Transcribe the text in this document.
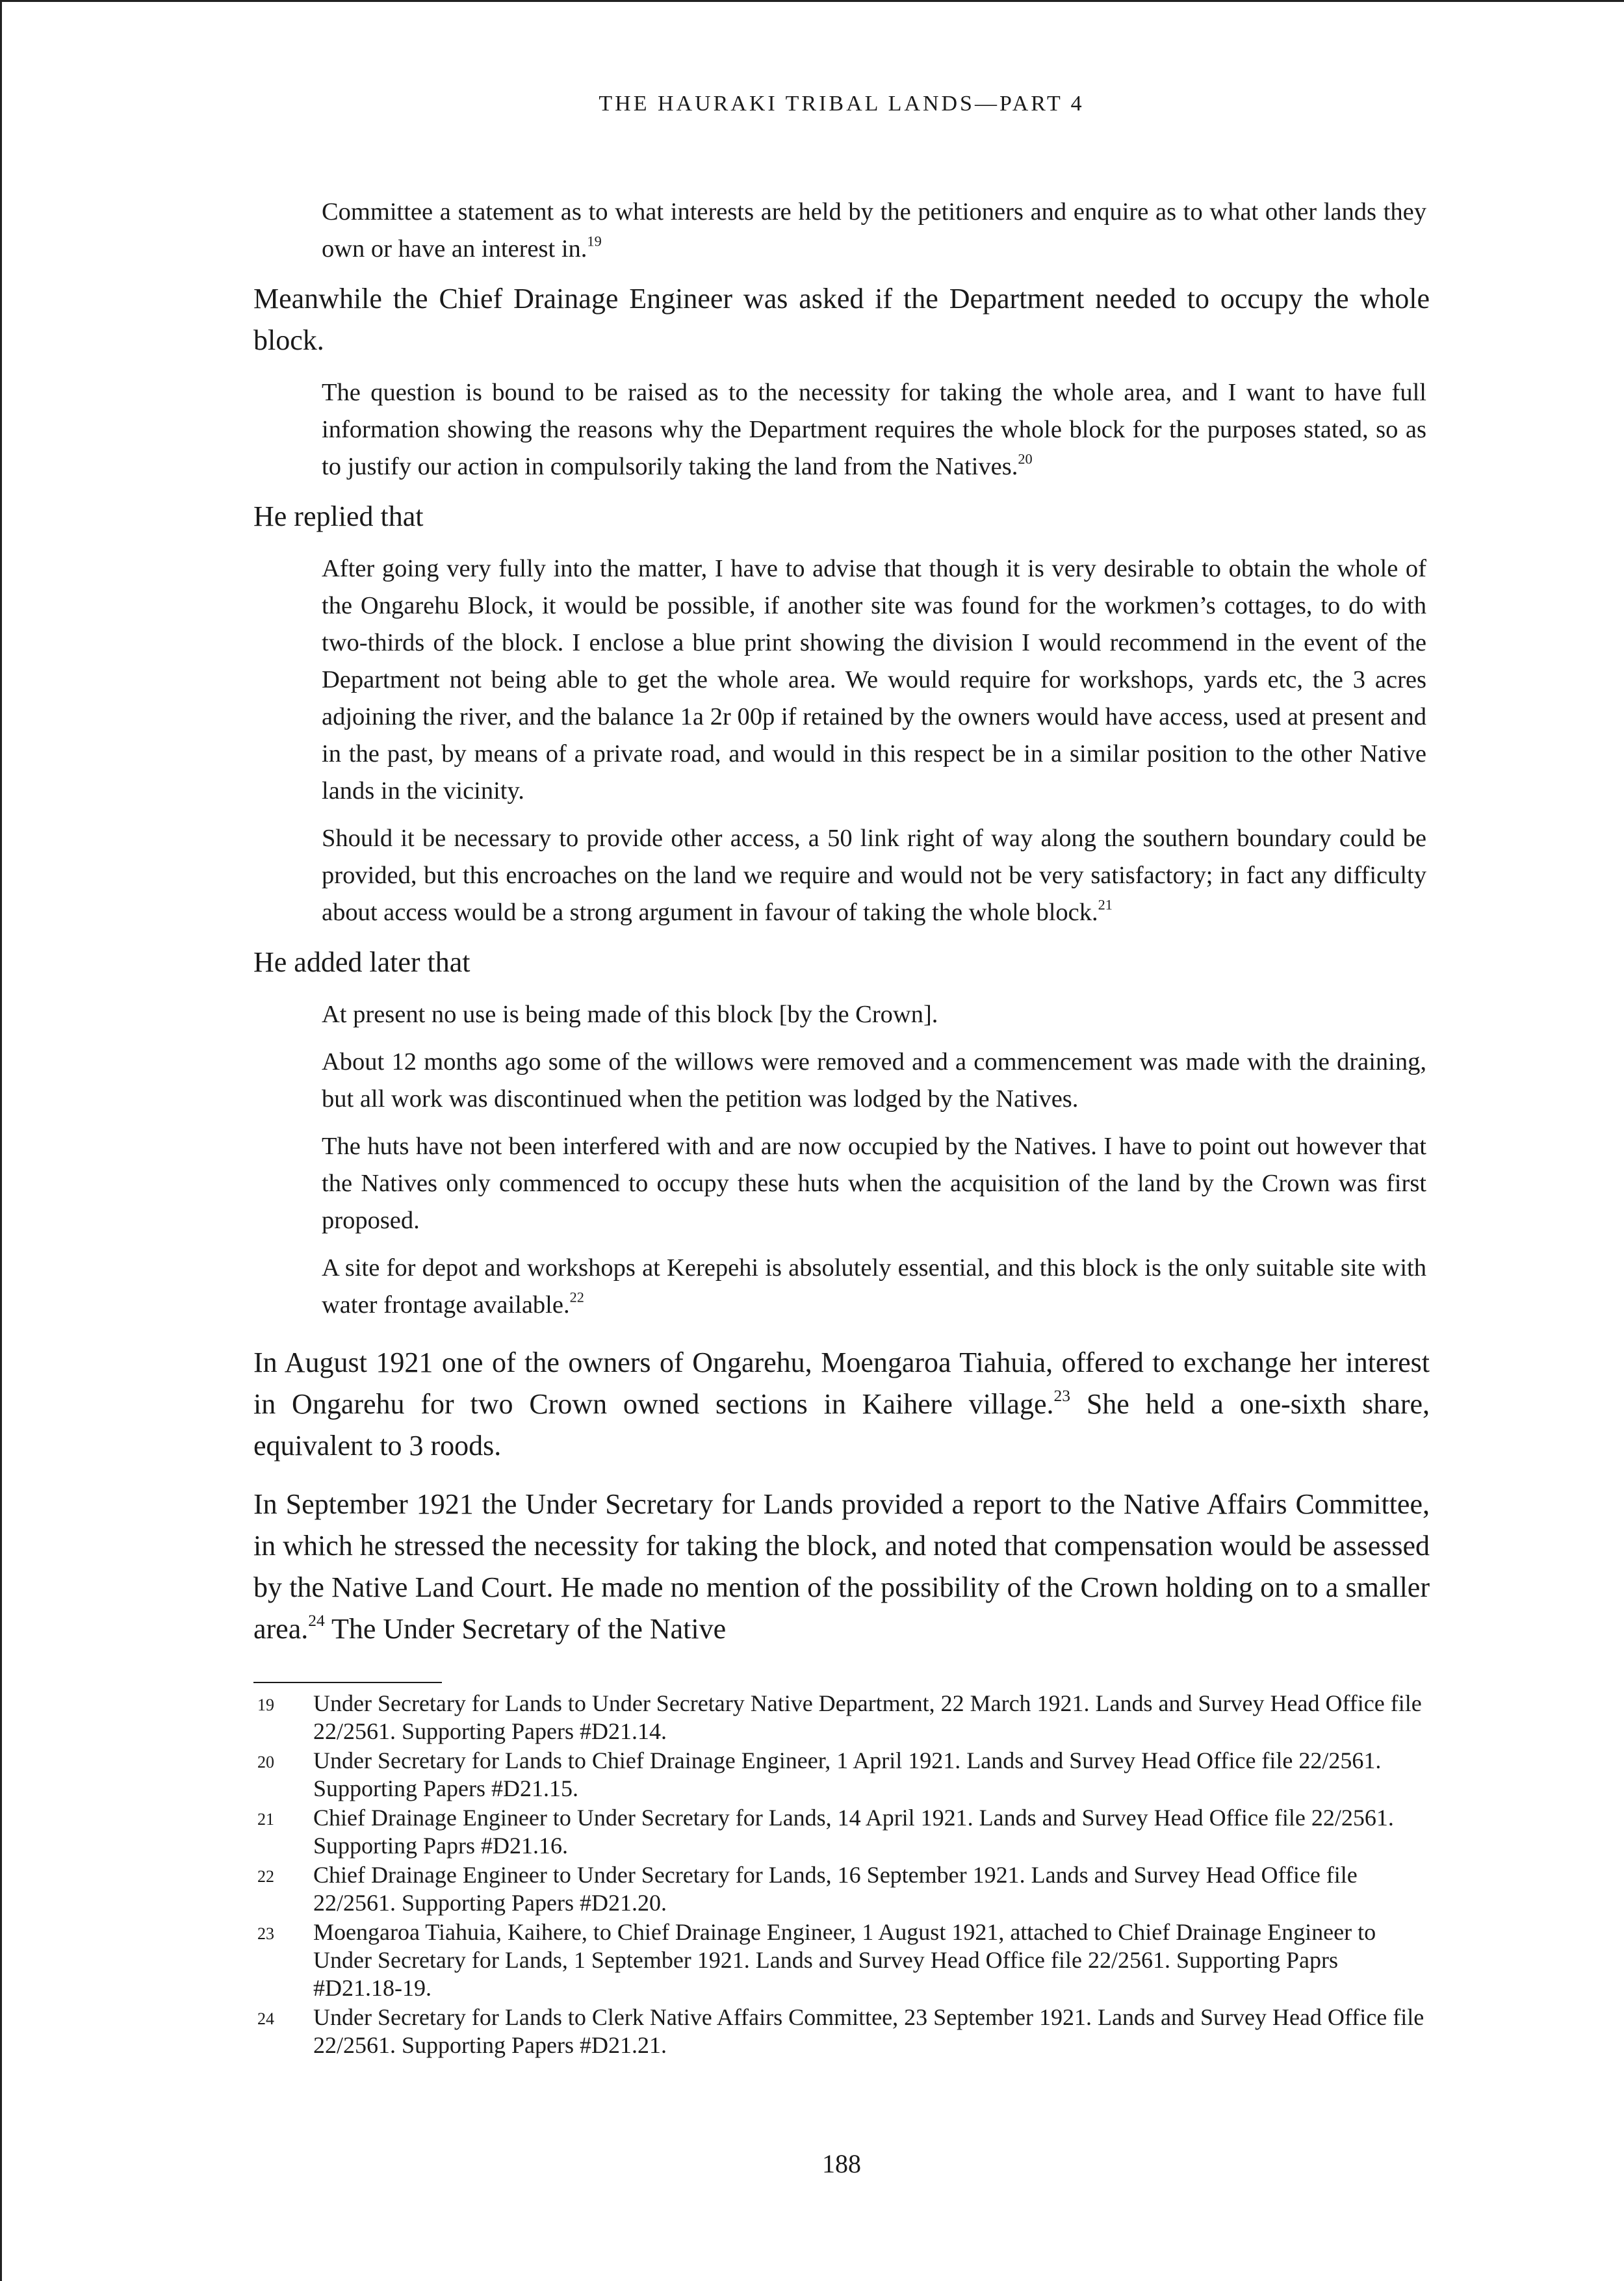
THE HAURAKI TRIBAL LANDS—PART 4

Committee a statement as to what interests are held by the petitioners and enquire as to what other lands they own or have an interest in.$^{19}$

Meanwhile the Chief Drainage Engineer was asked if the Department needed to occupy the whole block.

The question is bound to be raised as to the necessity for taking the whole area, and I want to have full information showing the reasons why the Department requires the whole block for the purposes stated, so as to justify our action in compulsorily taking the land from the Natives.$^{20}$

He replied that

After going very fully into the matter, I have to advise that though it is very desirable to obtain the whole of the Ongarehu Block, it would be possible, if another site was found for the workmen’s cottages, to do with two-thirds of the block. I enclose a blue print showing the division I would recommend in the event of the Department not being able to get the whole area. We would require for workshops, yards etc, the 3 acres adjoining the river, and the balance 1a 2r 00p if retained by the owners would have access, used at present and in the past, by means of a private road, and would in this respect be in a similar position to the other Native lands in the vicinity.

Should it be necessary to provide other access, a 50 link right of way along the southern boundary could be provided, but this encroaches on the land we require and would not be very satisfactory; in fact any difficulty about access would be a strong argument in favour of taking the whole block.$^{21}$

He added later that

At present no use is being made of this block [by the Crown].

About 12 months ago some of the willows were removed and a commencement was made with the draining, but all work was discontinued when the petition was lodged by the Natives.

The huts have not been interfered with and are now occupied by the Natives. I have to point out however that the Natives only commenced to occupy these huts when the acquisition of the land by the Crown was first proposed.

A site for depot and workshops at Kerepehi is absolutely essential, and this block is the only suitable site with water frontage available.$^{22}$

In August 1921 one of the owners of Ongarehu, Moengaroa Tiahuia, offered to exchange her interest in Ongarehu for two Crown owned sections in Kaihere village.$^{23}$ She held a one-sixth share, equivalent to 3 roods.

In September 1921 the Under Secretary for Lands provided a report to the Native Affairs Committee, in which he stressed the necessity for taking the block, and noted that compensation would be assessed by the Native Land Court. He made no mention of the possibility of the Crown holding on to a smaller area.$^{24}$ The Under Secretary of the Native

19	Under Secretary for Lands to Under Secretary Native Department, 22 March 1921. Lands and Survey Head Office file 22/2561. Supporting Papers #D21.14.
20	Under Secretary for Lands to Chief Drainage Engineer, 1 April 1921. Lands and Survey Head Office file 22/2561. Supporting Papers #D21.15.
21	Chief Drainage Engineer to Under Secretary for Lands, 14 April 1921. Lands and Survey Head Office file 22/2561. Supporting Paprs #D21.16.
22	Chief Drainage Engineer to Under Secretary for Lands, 16 September 1921. Lands and Survey Head Office file 22/2561. Supporting Papers #D21.20.
23	Moengaroa Tiahuia, Kaihere, to Chief Drainage Engineer, 1 August 1921, attached to Chief Drainage Engineer to Under Secretary for Lands, 1 September 1921. Lands and Survey Head Office file 22/2561. Supporting Paprs #D21.18-19.
24	Under Secretary for Lands to Clerk Native Affairs Committee, 23 September 1921. Lands and Survey Head Office file 22/2561. Supporting Papers #D21.21.
188
